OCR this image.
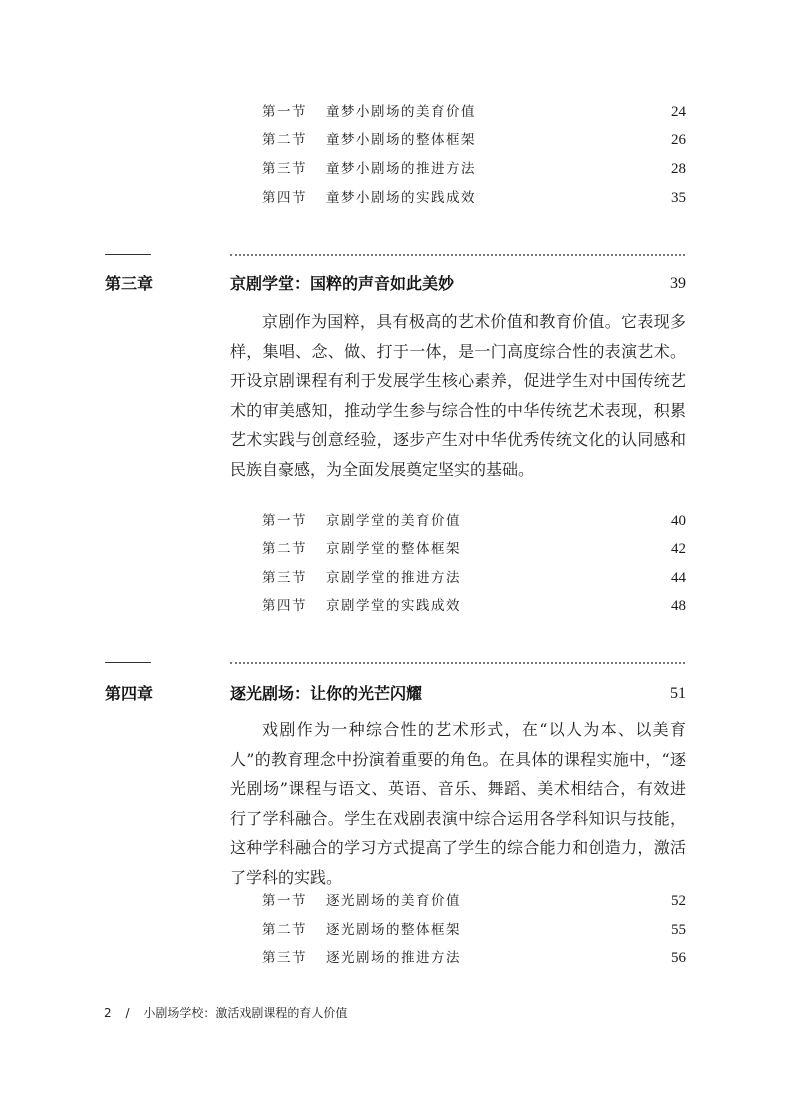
第一节 童梦小剧场的美育价值	24
第二节 童梦小剧场的整体框架	26
第三节 童梦小剧场的推进方法	28
第四节 童梦小剧场的实践成效	35
第三章	京剧学堂：国粹的声音如此美妙	39

京剧作为国粹，具有极高的艺术价值和教育价值。它表现多样，集唱、念、做、打于一体，是一门高度综合性的表演艺术。开设京剧课程有利于发展学生核心素养，促进学生对中国传统艺术的审美感知，推动学生参与综合性的中华传统艺术表现，积累艺术实践与创意经验，逐步产生对中华优秀传统文化的认同感和民族自豪感，为全面发展奠定坚实的基础。

第一节 京剧学堂的美育价值	40
第二节 京剧学堂的整体框架	42
第三节 京剧学堂的推进方法	44
第四节 京剧学堂的实践成效	48
第四章	逐光剧场：让你的光芒闪耀	51

戏剧作为一种综合性的艺术形式，在“以人为本、以美育人”的教育理念中扮演着重要的角色。在具体的课程实施中，“逐光剧场”课程与语文、英语、音乐、舞蹈、美术相结合，有效进行了学科融合。学生在戏剧表演中综合运用各学科知识与技能，这种学科融合的学习方式提高了学生的综合能力和创造力，激活了学科的实践。

第一节 逐光剧场的美育价值	52
第二节 逐光剧场的整体框架	55
第三节 逐光剧场的推进方法	56
2 / 小剧场学校：激活戏剧课程的育人价值
